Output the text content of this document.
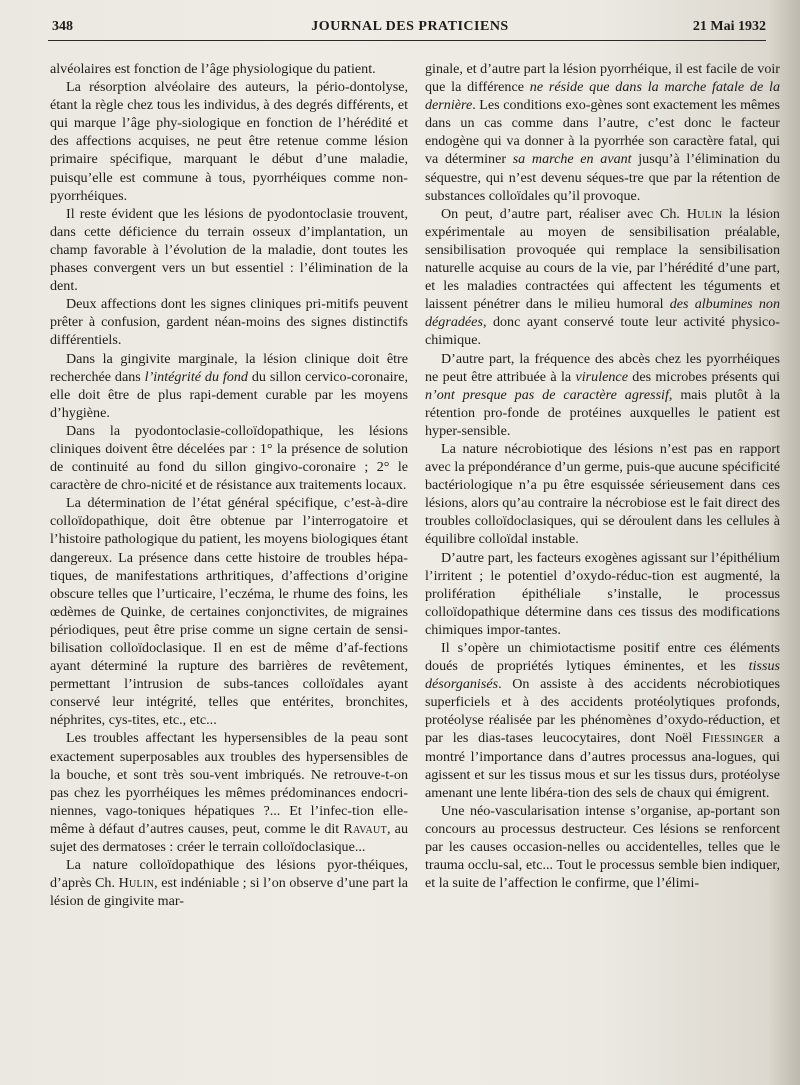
348	JOURNAL DES PRATICIENS	21 Mai 1932

alvéolaires est fonction de l’âge physiologique du patient.

La résorption alvéolaire des auteurs, la pério-dontolyse, étant la règle chez tous les individus, à des degrés différents, et qui marque l’âge phy-siologique en fonction de l’hérédité et des affections acquises, ne peut être retenue comme lésion primaire spécifique, marquant le début d’une maladie, puisqu’elle est commune à tous, pyorrhéiques comme non-pyorrhéiques.

Il reste évident que les lésions de pyodontoclasie trouvent, dans cette déficience du terrain osseux d’implantation, un champ favorable à l’évolution de la maladie, dont toutes les phases convergent vers un but essentiel : l’élimination de la dent.

Deux affections dont les signes cliniques pri-mitifs peuvent prêter à confusion, gardent néan-moins des signes distinctifs différentiels.

Dans la gingivite marginale, la lésion clinique doit être recherchée dans l’intégrité du fond du sillon cervico-coronaire, elle doit être de plus rapi-dement curable par les moyens d’hygiène.

Dans la pyodontoclasie-colloïdopathique, les lésions cliniques doivent être décelées par : 1° la présence de solution de continuité au fond du sillon gingivo-coronaire ; 2° le caractère de chro-nicité et de résistance aux traitements locaux.

La détermination de l’état général spécifique, c’est-à-dire colloïdopathique, doit être obtenue par l’interrogatoire et l’histoire pathologique du patient, les moyens biologiques étant dangereux. La présence dans cette histoire de troubles hépa-tiques, de manifestations arthritiques, d’affections d’origine obscure telles que l’urticaire, l’eczéma, le rhume des foins, les œdèmes de Quinke, de certaines conjonctivites, de migraines périodiques, peut être prise comme un signe certain de sensi-bilisation colloïdoclasique. Il en est de même d’af-fections ayant déterminé la rupture des barrières de revêtement, permettant l’intrusion de subs-tances colloïdales ayant conservé leur intégrité, telles que entérites, bronchites, néphrites, cys-tites, etc., etc...

Les troubles affectant les hypersensibles de la peau sont exactement superposables aux troubles des hypersensibles de la bouche, et sont très sou-vent imbriqués. Ne retrouve-t-on pas chez les pyorrhéiques les mêmes prédominances endocri-niennes, vago-toniques hépatiques ?... Et l’infec-tion elle-même à défaut d’autres causes, peut, comme le dit Ravaut, au sujet des dermatoses : créer le terrain colloïdoclasique...

La nature colloïdopathique des lésions pyor-théiques, d’après Ch. Hulin, est indéniable ; si l’on observe d’une part la lésion de gingivite mar-

ginale, et d’autre part la lésion pyorrhéique, il est facile de voir que la différence ne réside que dans la marche fatale de la dernière. Les conditions exo-gènes sont exactement les mêmes dans un cas comme dans l’autre, c’est donc le facteur endogène qui va donner à la pyorrhée son caractère fatal, qui va déterminer sa marche en avant jusqu’à l’élimination du séquestre, qui n’est devenu séques-tre que par la rétention de substances colloïdales qu’il provoque.

On peut, d’autre part, réaliser avec Ch. Hulin la lésion expérimentale au moyen de sensibilisation préalable, sensibilisation provoquée qui remplace la sensibilisation naturelle acquise au cours de la vie, par l’hérédité d’une part, et les maladies contractées qui affectent les téguments et laissent pénétrer dans le milieu humoral des albumines non dégradées, donc ayant conservé toute leur activité physico-chimique.

D’autre part, la fréquence des abcès chez les pyorrhéiques ne peut être attribuée à la virulence des microbes présents qui n’ont presque pas de caractère agressif, mais plutôt à la rétention pro-fonde de protéines auxquelles le patient est hyper-sensible.

La nature nécrobiotique des lésions n’est pas en rapport avec la prépondérance d’un germe, puis-que aucune spécificité bactériologique n’a pu être esquissée sérieusement dans ces lésions, alors qu’au contraire la nécrobiose est le fait direct des troubles colloïdoclasiques, qui se déroulent dans les cellules à équilibre colloïdal instable.

D’autre part, les facteurs exogènes agissant sur l’épithélium l’irritent ; le potentiel d’oxydo-réduc-tion est augmenté, la prolifération épithéliale s’installe, le processus colloïdopathique détermine dans ces tissus des modifications chimiques impor-tantes.

Il s’opère un chimiotactisme positif entre ces éléments doués de propriétés lytiques éminentes, et les tissus désorganisés. On assiste à des accidents nécrobiotiques superficiels et à des accidents protéolytiques profonds, protéolyse réalisée par les phénomènes d’oxydo-réduction, et par les dias-tases leucocytaires, dont Noël Fiessinger a montré l’importance dans d’autres processus ana-logues, qui agissent et sur les tissus mous et sur les tissus durs, protéolyse amenant une lente libéra-tion des sels de chaux qui émigrent.

Une néo-vascularisation intense s’organise, ap-portant son concours au processus destructeur. Ces lésions se renforcent par les causes occasion-nelles ou accidentelles, telles que le trauma occlu-sal, etc... Tout le processus semble bien indiquer, et la suite de l’affection le confirme, que l’élimi-
